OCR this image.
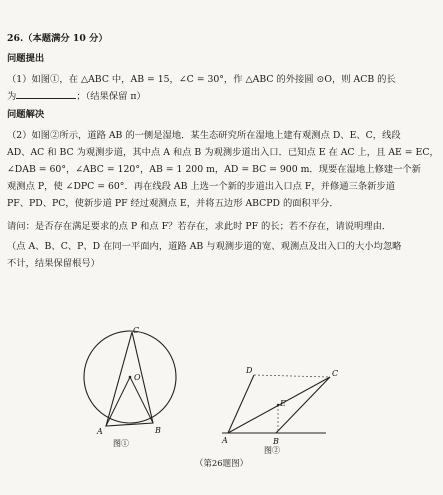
26.（本题满分 10 分）
问题提出
（1）如图①，在 △ABC 中，AB = 15，∠C = 30°，作 △ABC 的外接圆 ⊙O，则 ACB 的长
为	；（结果保留 π）
问题解决
（2）如图②所示，道路 AB 的一侧是湿地．某生态研究所在湿地上建有观测点 D、E、C，线段
AD、AC 和 BC 为观测步道，其中点 A 和点 B 为观测步道出入口．已知点 E 在 AC 上，且 AE = EC，
∠DAB = 60°，∠ABC = 120°，AB = 1 200 m，AD = BC = 900 m．现要在湿地上修建一个新
观测点 P，使 ∠DPC = 60°．再在线段 AB 上选一个新的步道出入口点 F，并修通三条新步道
PF、PD、PC，使新步道 PF 经过观测点 E，并将五边形 ABCPD 的面积平分．
请问：是否存在满足要求的点 P 和点 F？若存在，求此时 PF 的长；若不存在，请说明理由．
（点 A、B、C、P、D 在同一平面内，道路 AB 与观测步道的宽、观测点及出入口的大小均忽略
不计，结果保留根号）
C
O
A	B
图①
D	C
E
A	B
图②
（第26题图）
